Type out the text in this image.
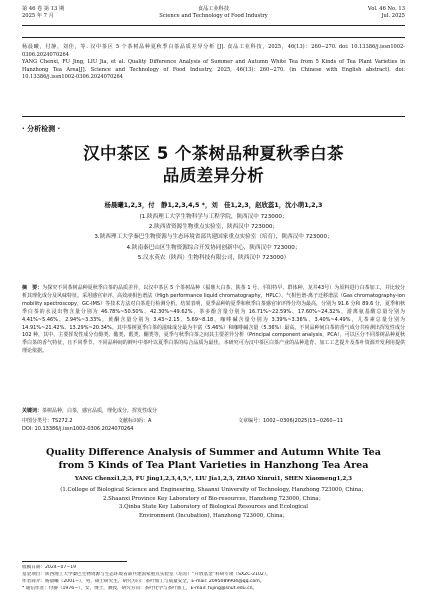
第 46 卷 第 13 期
2025 年 7 月
食品工业科技
Science and Technology of Food Industry
Vol. 46 No. 13
Jul. 2025

杨晨曦，付静，刘佳，等. 汉中茶区 5 个茶树品种夏秋季白茶品质差异分析 [J]. 食品工业科技，2025，46(13)：260−270. doi: 10.13386/j.issn1002-0306.2024070264

YANG Chenxi, FU Jing, LIU Jia, et al. Quality Difference Analysis of Summer and Autumn White Tea from 5 Kinds of Tea Plant Varieties in Hanzhong Tea Area[J]. Science and Technology of Food Industry, 2025, 46(13): 260−270. (in Chinese with English abstract). doi: 10.13386/j.issn1002-0306.2024070264

· 分析检测 ·
汉中茶区 5 个茶树品种夏秋季白茶
品质差异分析
杨晨曦1,2,3，付　静1,2,3,4,5 *，刘　佳1,2,3，赵欣蕊1，沈小萌1,2,3
(1.陕西理工大学生物科学与工程学院，陕西汉中 723000；
2.陕西省资源生物重点实验室，陕西汉中 723000；
3.陕西理工大学秦巴生物资源与生态环境省部共建国家重点实验室（培育），陕西汉中 723000；
4.陕南秦巴山区生物资源综合开发协同创新中心，陕西汉中 723000；
5.汉水英农（陕西）生物科技有限公司，陕西汉中 723000）
摘　要：为探究不同茶树品种夏秋季白茶的品质差异，以汉中茶区 5 个茶树品种（福鼎大白茶、陕茶 1 号、平阳特早、群体种、龙井43号）为原料进行白茶加工，并比较分析其理化成分及风味特征。采用感官审评、高效液相色谱法（High performance liquid chromatography，HPLC）、气相色谱-离子迁移谱法（Gas chromatography-ion mobility spectroscopy，GC-IMS）等技术方法对白茶进行检测分析。结果表明，夏季品种的夏季和秋季白茶感官审评得分均为最高，分别为 91.6 分和 89.6 分，夏季和秋季白茶的水浸出物含量分别为 46.78%~50.50%、42.30%~49.62%，茶多酚含量分别为 16.71%~22.59%、17.60%~24.32%，游离氨基酸总量分别为 4.41%~5.46%、2.94%~3.33%，黄酮含量分别为 3.43~2.15、5.69~8.18，咖啡碱含量分别为 3.39%~3.36%、3.40%~4.49%，儿茶素总量分别为 14.91%~21.42%、13.29%~20.34%。其中茶树夏季白茶的滋味成分最为丰富（5.46%）和咖啡碱含量（5.36%）最高。不同品种间白茶的香气成分共检测出挥发性成分 102 种，其中，主要挥发性成分有醇类、酯类、醛类、酮类等，夏季与秋季白茶之间其主要差异分析（Principal component analysis，PCA），可以区分不同茶树品种夏秋季白茶的香气特征，且不同季节、不同品种间的鲜叶中茶叶以夏季白茶的综合品质为最佳。本研究可为汉中茶区白茶产业的品种选育、加工工艺提升及茶叶资源开发利用提供理论依据。
关键词：茶树品种，白茶，感官品质，理化成分，挥发性成分
中图分类号：TS272.2	文献标识码：A	文章编号：1002−0306(2025)13−0260−11
DOI: 10.13386/j.issn1002-0306.2024070264
Quality Difference Analysis of Summer and Autumn White Tea
from 5 Kinds of Tea Plant Varieties in Hanzhong Tea Area
YANG Chenxi1,2,3, FU Jing1,2,3,4,5,*, LIU Jia1,2,3, ZHAO Xinrui1, SHEN Xiaomeng1,2,3
(1.College of Biological Science and Engineering, Shaanxi University of Technology, Hanzhong 723000, China；
2.Shaanxi Province Key Laboratory of Bio-resources, Hanzhong 723000, China；
3.Qinba State Key Laboratory of Biological Resources and Ecological
Environment (Incubation), Hanzhong 723000, China；
收稿日期：2024−07−19
基金项目：陕西理工大学秦巴生物资源与生态环境省部共建国家重点实验室（培育）“开放基金”科研专项（SXZC-2102）。
作者简介：杨晨曦（2001−），男，硕士研究生，研究方向：茶叶加工与质量安全，E-mail: 2095089904@qq.com。
* 通信作者：付静（1976−），女，博士，教授，研究方向：茶叶化学与茶叶加工，E-mail: fujing@snut.edu.cn。
